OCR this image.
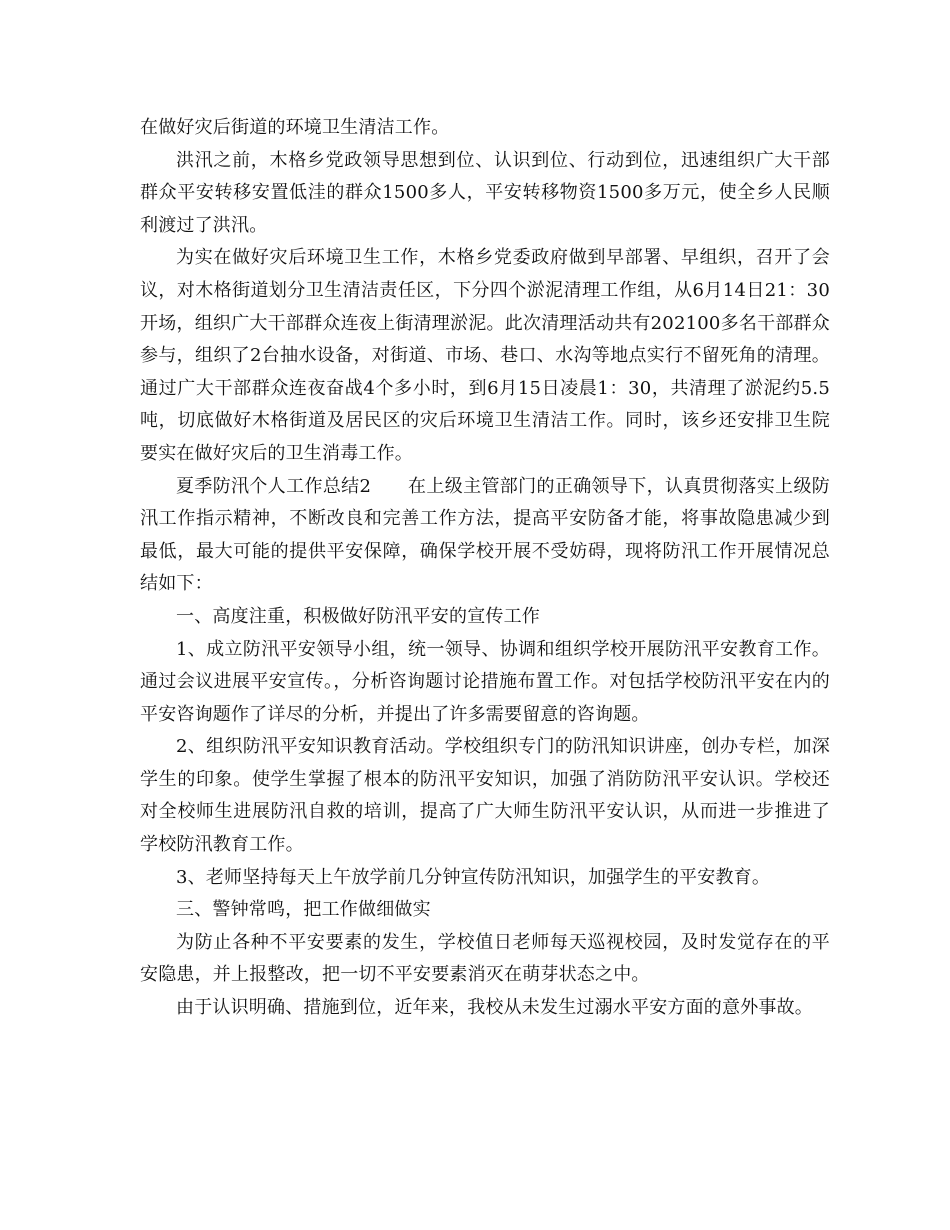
在做好灾后街道的环境卫生清洁工作。

洪汛之前，木格乡党政领导思想到位、认识到位、行动到位，迅速组织广大干部群众平安转移安置低洼的群众1500多人，平安转移物资1500多万元，使全乡人民顺利渡过了洪汛。

为实在做好灾后环境卫生工作，木格乡党委政府做到早部署、早组织，召开了会议，对木格街道划分卫生清洁责任区，下分四个淤泥清理工作组，从6月14日21：30开场，组织广大干部群众连夜上街清理淤泥。此次清理活动共有202100多名干部群众参与，组织了2台抽水设备，对街道、市场、巷口、水沟等地点实行不留死角的清理。通过广大干部群众连夜奋战4个多小时，到6月15日凌晨1：30，共清理了淤泥约5.5吨，切底做好木格街道及居民区的灾后环境卫生清洁工作。同时，该乡还安排卫生院要实在做好灾后的卫生消毒工作。

夏季防汛个人工作总结2　　在上级主管部门的正确领导下，认真贯彻落实上级防汛工作指示精神，不断改良和完善工作方法，提高平安防备才能，将事故隐患减少到最低，最大可能的提供平安保障，确保学校开展不受妨碍，现将防汛工作开展情况总结如下：

一、高度注重，积极做好防汛平安的宣传工作

1、成立防汛平安领导小组，统一领导、协调和组织学校开展防汛平安教育工作。通过会议进展平安宣传。，分析咨询题讨论措施布置工作。对包括学校防汛平安在内的平安咨询题作了详尽的分析，并提出了许多需要留意的咨询题。

2、组织防汛平安知识教育活动。学校组织专门的防汛知识讲座，创办专栏，加深学生的印象。使学生掌握了根本的防汛平安知识，加强了消防防汛平安认识。学校还对全校师生进展防汛自救的培训，提高了广大师生防汛平安认识，从而进一步推进了学校防汛教育工作。

3、老师坚持每天上午放学前几分钟宣传防汛知识，加强学生的平安教育。

三、警钟常鸣，把工作做细做实

为防止各种不平安要素的发生，学校值日老师每天巡视校园，及时发觉存在的平安隐患，并上报整改，把一切不平安要素消灭在萌芽状态之中。

由于认识明确、措施到位，近年来，我校从未发生过溺水平安方面的意外事故。
